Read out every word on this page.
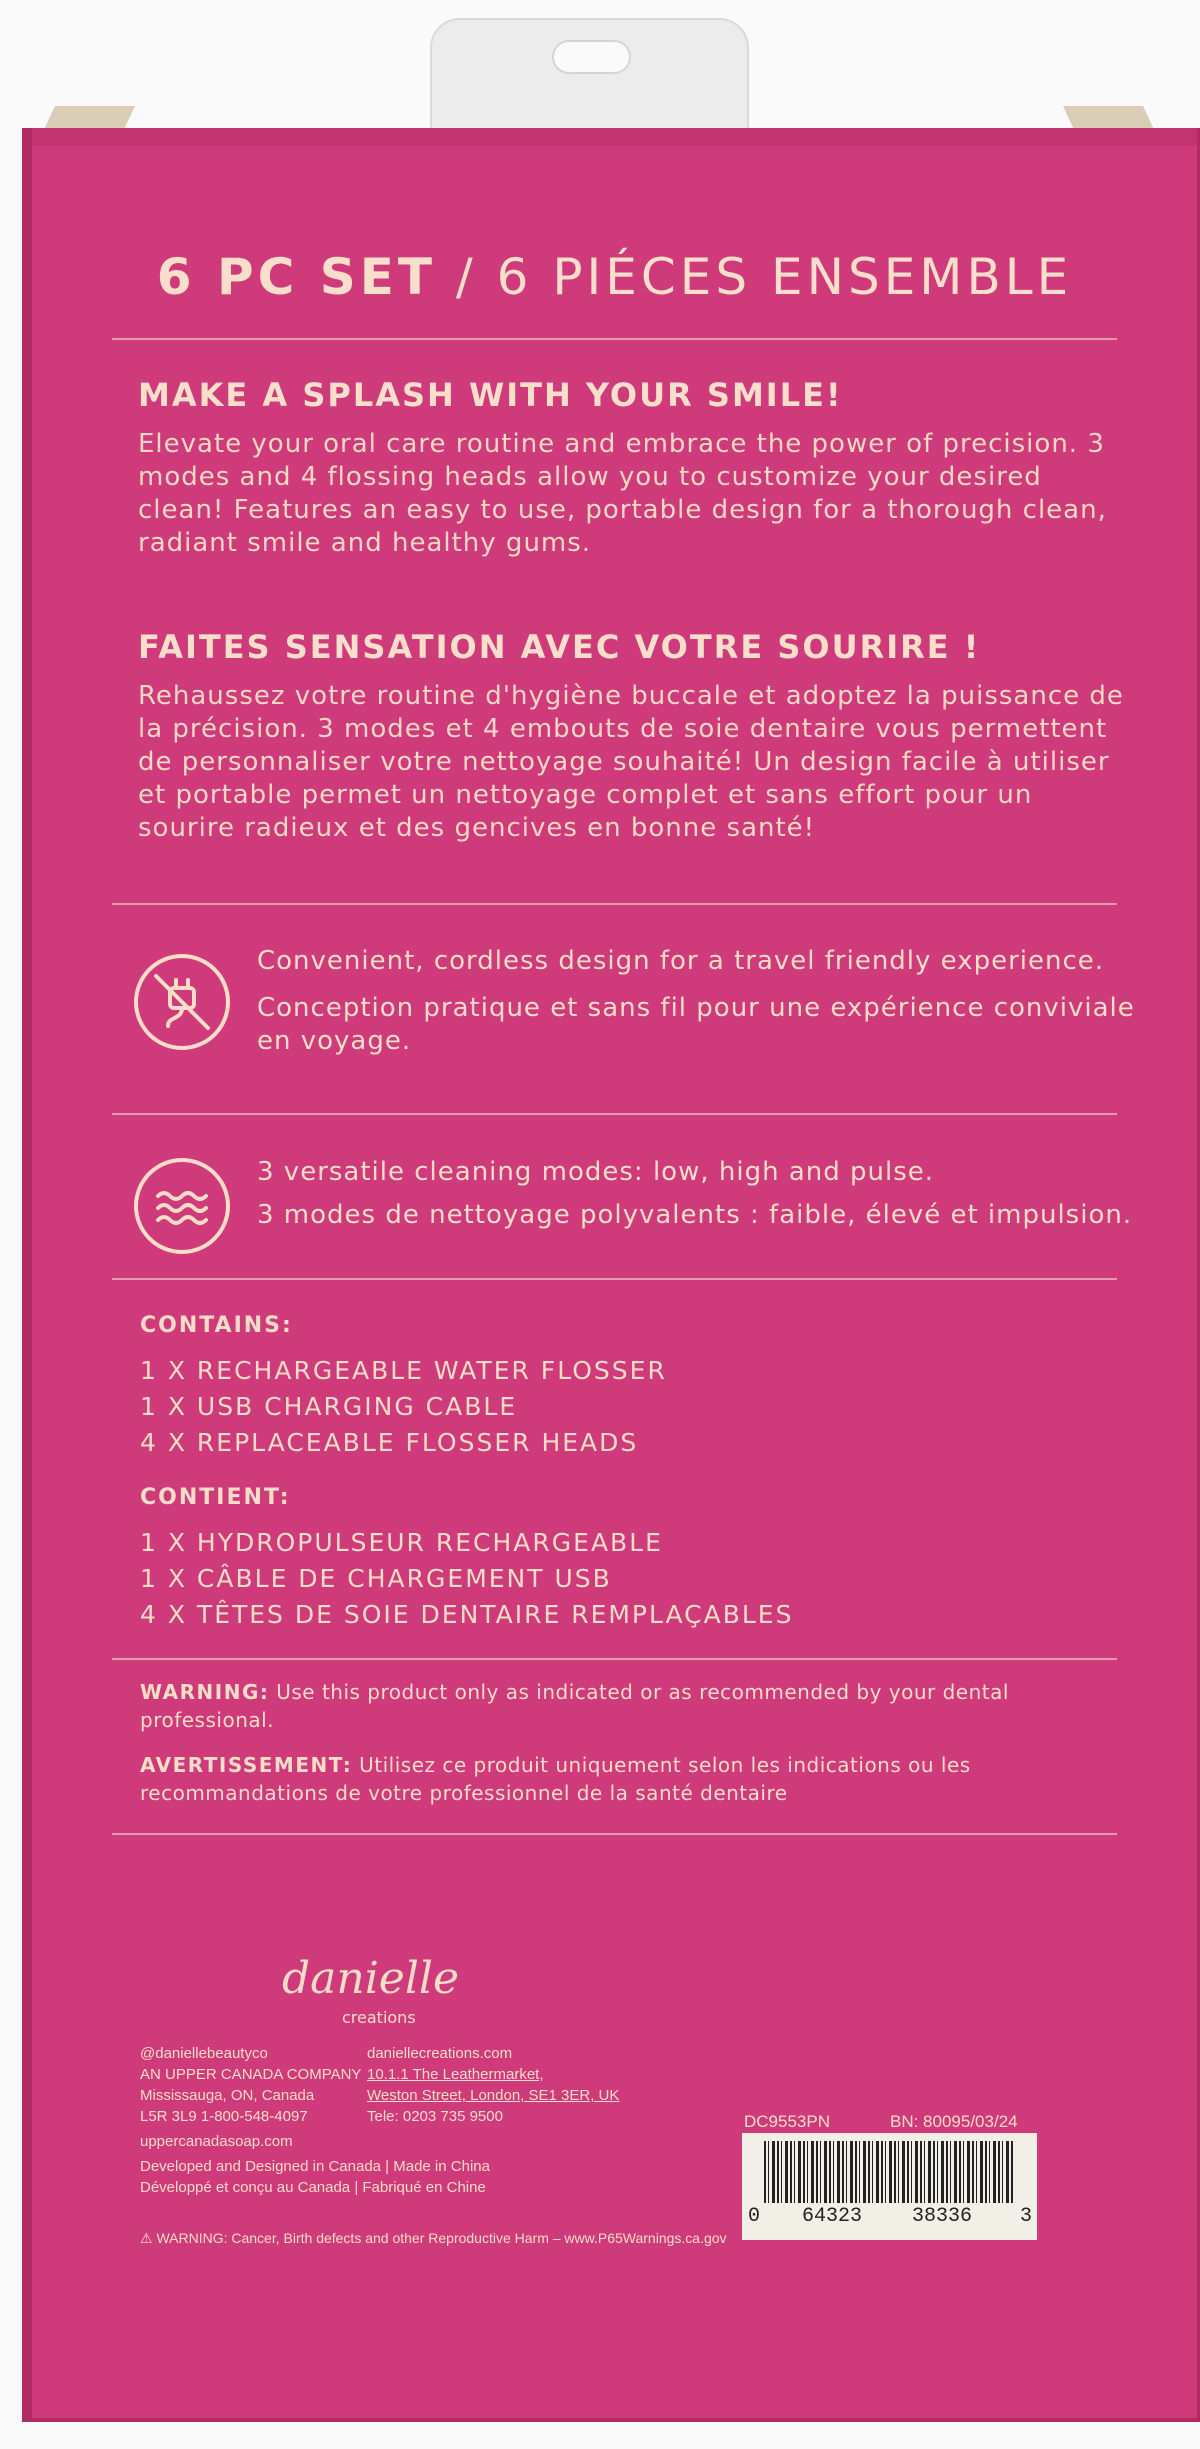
6 PC SET / 6 PIÉCES ENSEMBLE
MAKE A SPLASH WITH YOUR SMILE!
Elevate your oral care routine and embrace the power of precision. 3 modes and 4 flossing heads allow you to customize your desired clean! Features an easy to use, portable design for a thorough clean, radiant smile and healthy gums.
FAITES SENSATION AVEC VOTRE SOURIRE !
Rehaussez votre routine d'hygiène buccale et adoptez la puissance de la précision. 3 modes et 4 embouts de soie dentaire vous permettent de personnaliser votre nettoyage souhaité! Un design facile à utiliser et portable permet un nettoyage complet et sans effort pour un sourire radieux et des gencives en bonne santé!
Convenient, cordless design for a travel friendly experience.
Conception pratique et sans fil pour une expérience conviviale en voyage.
3 versatile cleaning modes: low, high and pulse.
3 modes de nettoyage polyvalents : faible, élevé et impulsion.
CONTAINS:
1 X RECHARGEABLE WATER FLOSSER
1 X USB CHARGING CABLE
4 X REPLACEABLE FLOSSER HEADS
CONTIENT:
1 X HYDROPULSEUR RECHARGEABLE
1 X CÂBLE DE CHARGEMENT USB
4 X TÊTES DE SOIE DENTAIRE REMPLAÇABLES
WARNING: Use this product only as indicated or as recommended by your dental professional.
AVERTISSEMENT: Utilisez ce produit uniquement selon les indications ou les recommandations de votre professionnel de la santé dentaire
danielle
creations
@daniellebeautyco
AN UPPER CANADA COMPANY
Mississauga, ON, Canada
L5R 3L9 1-800-548-4097
uppercanadasoap.com
Developed and Designed in Canada | Made in China
Développé et conçu au Canada | Fabriqué en Chine
daniellecreations.com
10.1.1 The Leathermarket,
Weston Street, London, SE1 3ER, UK
Tele: 0203 735 9500	DC9553PN	BN: 80095/03/24
0 64323 38336 3
⚠ WARNING: Cancer, Birth defects and other Reproductive Harm – www.P65Warnings.ca.gov
